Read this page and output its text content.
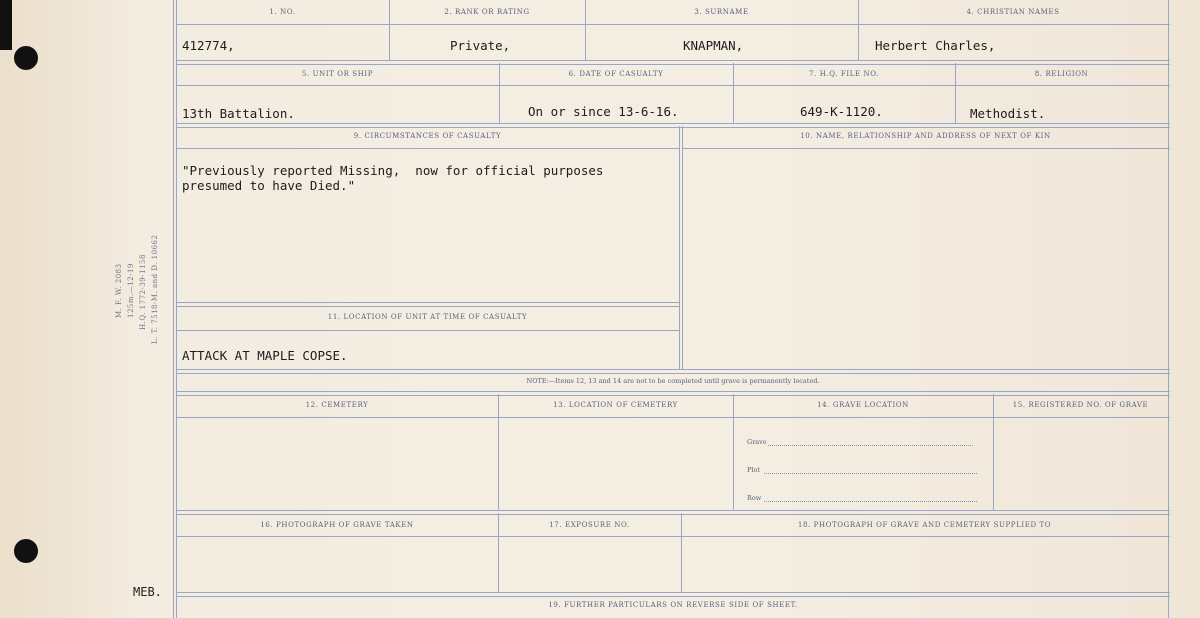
M. F. W. 2083 125m.—12-19 H.Q. 1772-39-1158 L. T. 7518-M. and D. 10662
MEB.
1. NO.	2. RANK OR RATING	3. SURNAME	4. CHRISTIAN NAMES
412774,	Private,	KNAPMAN,	Herbert Charles,
5. UNIT OR SHIP	6. DATE OF CASUALTY	7. H.Q. FILE NO.	8. RELIGION
13th Battalion.	On or since 13-6-16.	649-K-1120.	Methodist.
9. CIRCUMSTANCES OF CASUALTY	10. NAME, RELATIONSHIP AND ADDRESS OF NEXT OF KIN
"Previously reported Missing,  now for official purposes
presumed to have Died."
11. LOCATION OF UNIT AT TIME OF CASUALTY
ATTACK AT MAPLE COPSE.
NOTE:—Items 12, 13 and 14 are not to be completed until grave is permanently located.
12. CEMETERY	13. LOCATION OF CEMETERY	14. GRAVE LOCATION	15. REGISTERED NO. OF GRAVE
Grave
Plot
Row
16. PHOTOGRAPH OF GRAVE TAKEN	17. EXPOSURE NO.	18. PHOTOGRAPH OF GRAVE AND CEMETERY SUPPLIED TO
19. FURTHER PARTICULARS ON REVERSE SIDE OF SHEET.
